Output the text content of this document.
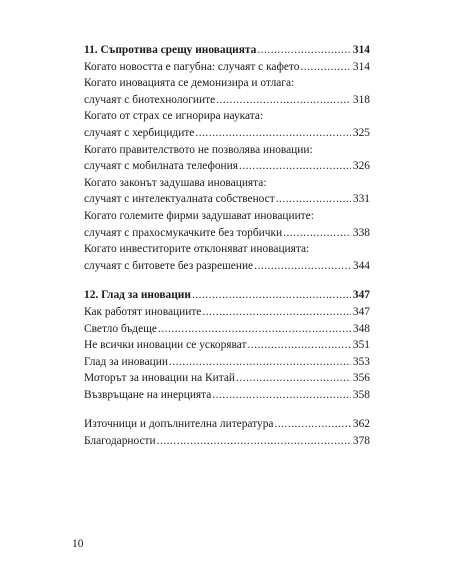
11. Съпротива срещу иновацията .....	314
Когато новостта е пагубна: случаят с кафето .....	314
Когато иновацията се демонизира и отлага:
случаят с биотехнологиите .....	318
Когато от страх се игнорира науката:
случаят с хербицидите .....	325
Когато правителството не позволява иновации:
случаят с мобилната телефония .....	326
Когато законът задушава иновацията:
случаят с интелектуалната собственост .....	331
Когато големите фирми задушават иновациите:
случаят с прахосмукачките без торбички .....	338
Когато инвеститорите отклоняват иновацията:
случаят с битовете без разрешение .....	344
12. Глад за иновации .....	347
Как работят иновациите .....	347
Светло бъдеще .....	348
Не всички иновации се ускоряват .....	351
Глад за иновации .....	353
Моторът за иновации на Китай .....	356
Възвръщане на инерцията .....	358
Източници и допълнителна литература .....	362
Благодарности .....	378
10
